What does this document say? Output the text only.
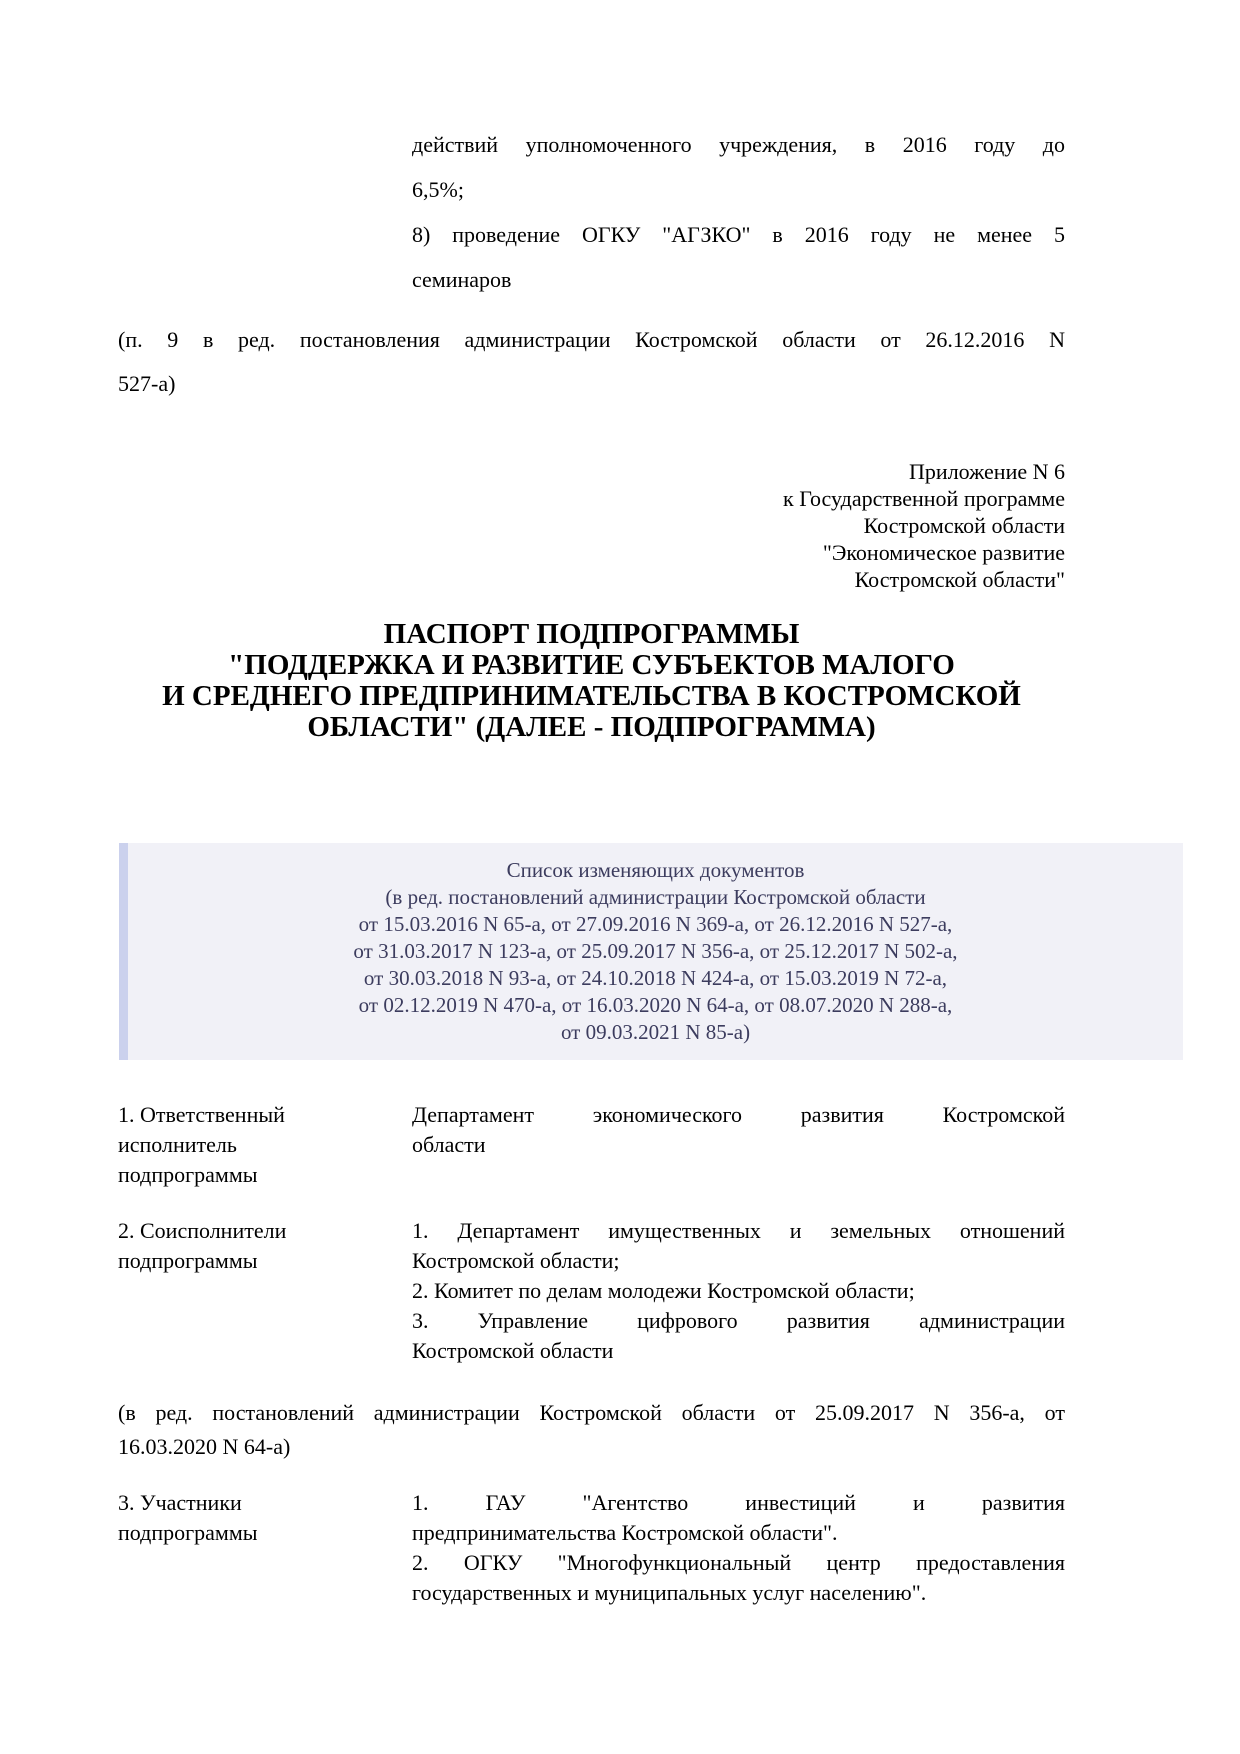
действий уполномоченного учреждения, в 2016 году до
6,5%;
8) проведение ОГКУ "АГЗКО" в 2016 году не менее 5
семинаров
(п. 9 в ред. постановления администрации Костромской области от 26.12.2016 N
527-а)
Приложение N 6
к Государственной программе
Костромской области
"Экономическое развитие
Костромской области"
ПАСПОРТ ПОДПРОГРАММЫ
"ПОДДЕРЖКА И РАЗВИТИЕ СУБЪЕКТОВ МАЛОГО
И СРЕДНЕГО ПРЕДПРИНИМАТЕЛЬСТВА В КОСТРОМСКОЙ
ОБЛАСТИ" (ДАЛЕЕ - ПОДПРОГРАММА)
Список изменяющих документов
(в ред. постановлений администрации Костромской области
от 15.03.2016 N 65-а, от 27.09.2016 N 369-а, от 26.12.2016 N 527-а,
от 31.03.2017 N 123-а, от 25.09.2017 N 356-а, от 25.12.2017 N 502-а,
от 30.03.2018 N 93-а, от 24.10.2018 N 424-а, от 15.03.2019 N 72-а,
от 02.12.2019 N 470-а, от 16.03.2020 N 64-а, от 08.07.2020 N 288-а,
от 09.03.2021 N 85-а)
1. Ответственный
исполнитель
подпрограммы
Департамент экономического развития Костромской
области
2. Соисполнители
подпрограммы
1. Департамент имущественных и земельных отношений
Костромской области;
2. Комитет по делам молодежи Костромской области;
3. Управление цифрового развития администрации
Костромской области
(в ред. постановлений администрации Костромской области от 25.09.2017 N 356-а, от
16.03.2020 N 64-а)
3. Участники
подпрограммы
1. ГАУ "Агентство инвестиций и развития
предпринимательства Костромской области".
2. ОГКУ "Многофункциональный центр предоставления
государственных и муниципальных услуг населению".
